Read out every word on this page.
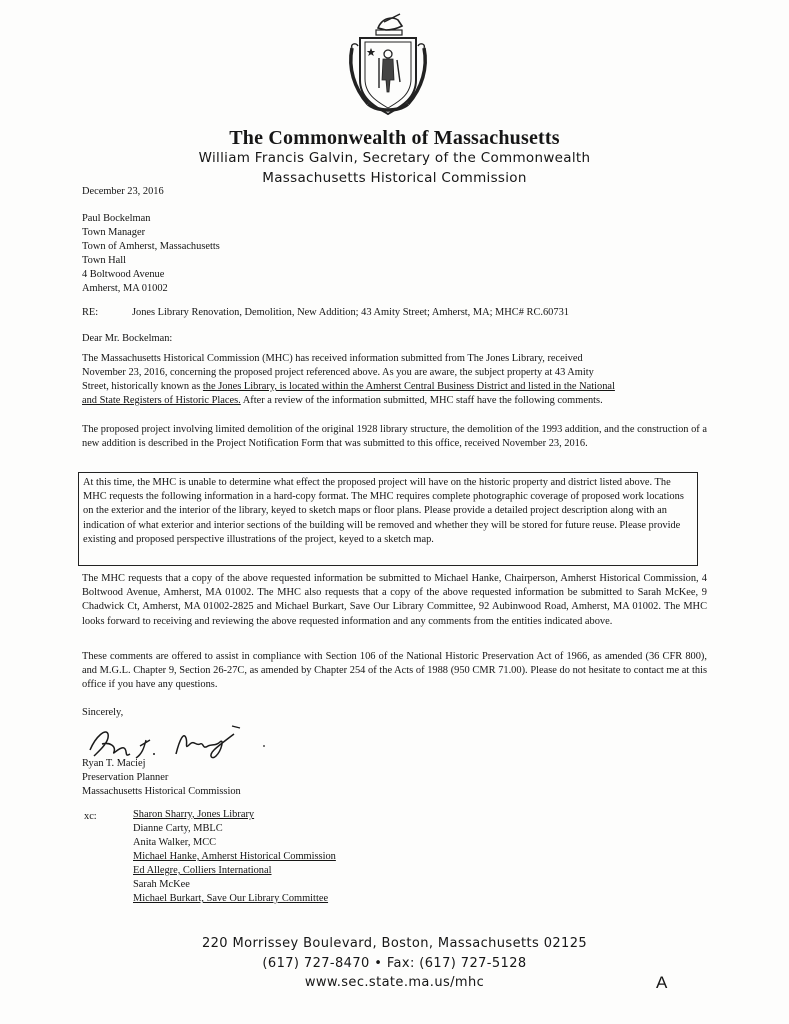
The Commonwealth of Massachusetts
William Francis Galvin, Secretary of the Commonwealth
Massachusetts Historical Commission
December 23, 2016
Paul Bockelman
Town Manager
Town of Amherst, Massachusetts
Town Hall
4 Boltwood Avenue
Amherst, MA 01002
RE:	Jones Library Renovation, Demolition, New Addition; 43 Amity Street; Amherst, MA; MHC# RC.60731
Dear Mr. Bockelman:
The Massachusetts Historical Commission (MHC) has received information submitted from The Jones Library, received
November 23, 2016, concerning the proposed project referenced above. As you are aware, the subject property at 43 Amity
Street, historically known as the Jones Library, is located within the Amherst Central Business District and listed in the National
and State Registers of Historic Places. After a review of the information submitted, MHC staff have the following comments.
The proposed project involving limited demolition of the original 1928 library structure, the demolition of the 1993 addition, and the construction of a new addition is described in the Project Notification Form that was submitted to this office, received November 23, 2016.
At this time, the MHC is unable to determine what effect the proposed project will have on the historic property and district listed above. The MHC requests the following information in a hard-copy format. The MHC requires complete photographic coverage of proposed work locations on the exterior and the interior of the library, keyed to sketch maps or floor plans. Please provide a detailed project description along with an indication of what exterior and interior sections of the building will be removed and whether they will be stored for future reuse. Please provide existing and proposed perspective illustrations of the project, keyed to a sketch map.
The MHC requests that a copy of the above requested information be submitted to Michael Hanke, Chairperson, Amherst Historical Commission, 4 Boltwood Avenue, Amherst, MA 01002. The MHC also requests that a copy of the above requested information be submitted to Sarah McKee, 9 Chadwick Ct, Amherst, MA 01002-2825 and Michael Burkart, Save Our Library Committee, 92 Aubinwood Road, Amherst, MA 01002. The MHC looks forward to receiving and reviewing the above requested information and any comments from the entities indicated above.
These comments are offered to assist in compliance with Section 106 of the National Historic Preservation Act of 1966, as amended (36 CFR 800), and M.G.L. Chapter 9, Section 26-27C, as amended by Chapter 254 of the Acts of 1988 (950 CMR 71.00). Please do not hesitate to contact me at this office if you have any questions.
Sincerely,
Ryan T. Maciej
Preservation Planner
Massachusetts Historical Commission
xc:	Sharon Sharry, Jones Library
Dianne Carty, MBLC
Anita Walker, MCC
Michael Hanke, Amherst Historical Commission
Ed Allegre, Colliers International
Sarah McKee
Michael Burkart, Save Our Library Committee
220 Morrissey Boulevard, Boston, Massachusetts 02125
(617) 727-8470 • Fax: (617) 727-5128
www.sec.state.ma.us/mhc	A
